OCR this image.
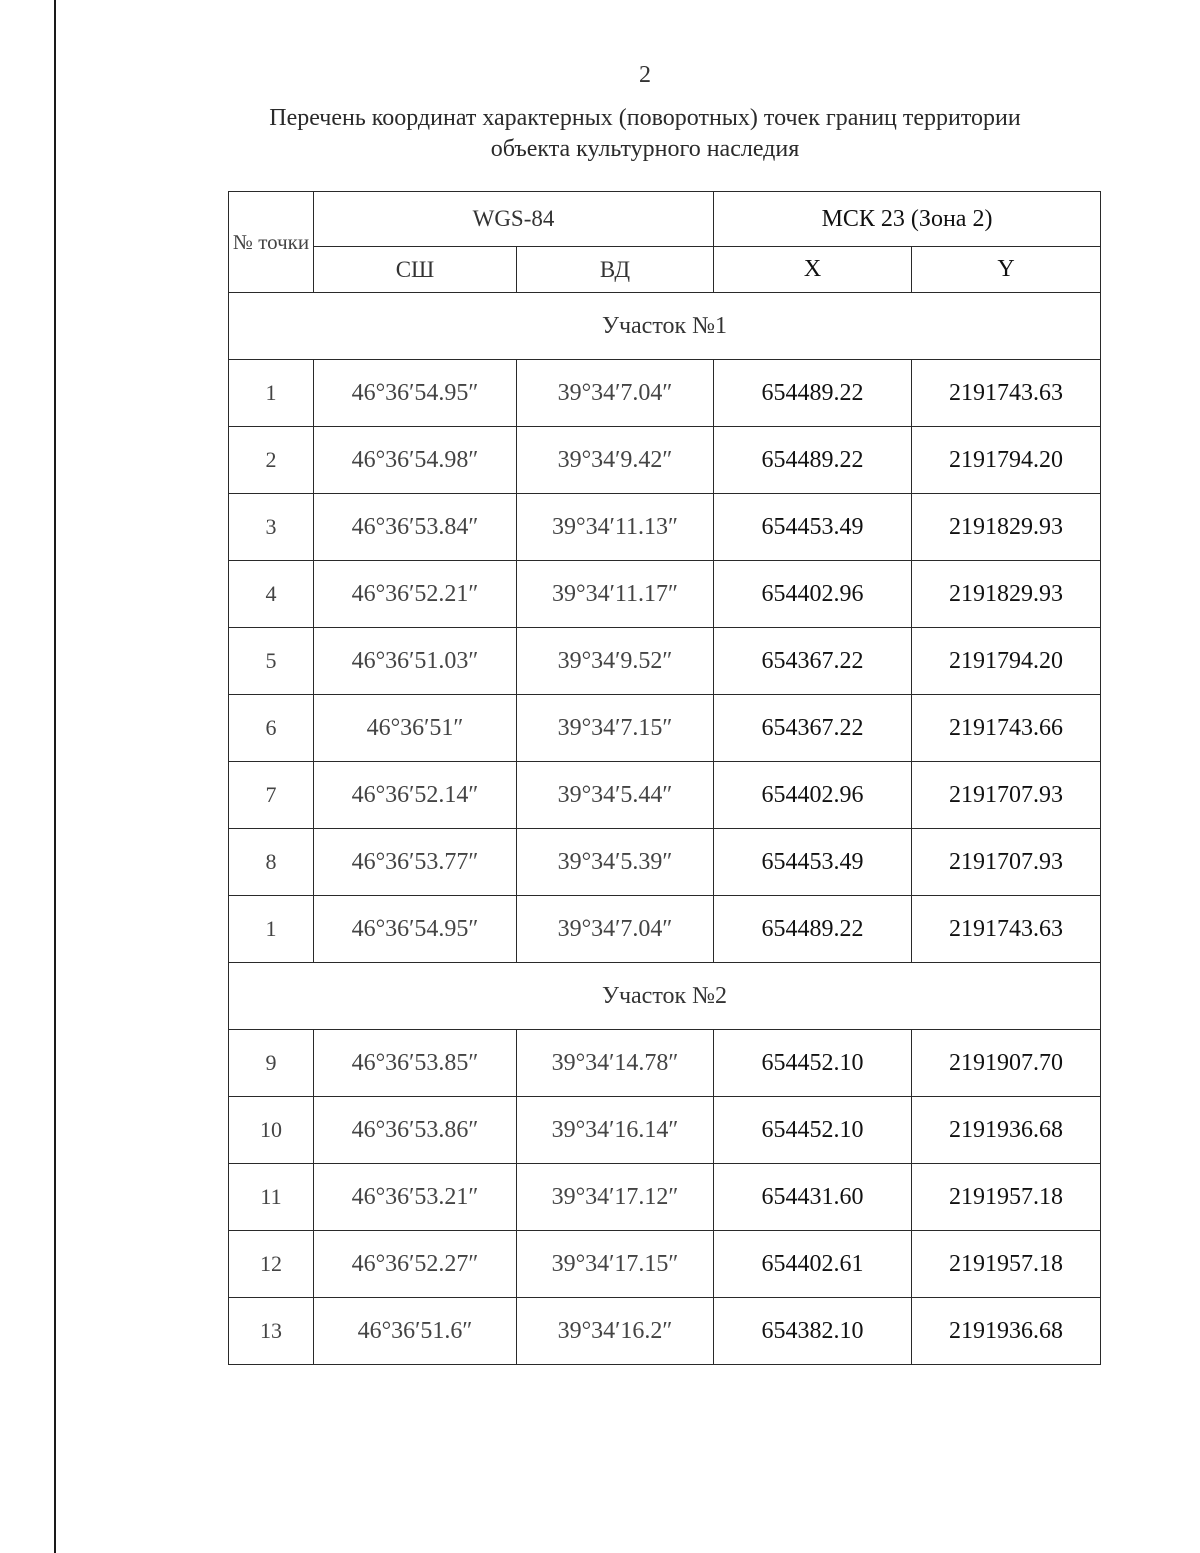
2
Перечень координат характерных (поворотных) точек границ территории
объекта культурного наследия
№ точки	WGS-84		МСК 23 (Зона 2)	
	СШ	ВД	X	Y
Участок №1				
1	46°36′54.95″	39°34′7.04″	654489.22	2191743.63
2	46°36′54.98″	39°34′9.42″	654489.22	2191794.20
3	46°36′53.84″	39°34′11.13″	654453.49	2191829.93
4	46°36′52.21″	39°34′11.17″	654402.96	2191829.93
5	46°36′51.03″	39°34′9.52″	654367.22	2191794.20
6	46°36′51″	39°34′7.15″	654367.22	2191743.66
7	46°36′52.14″	39°34′5.44″	654402.96	2191707.93
8	46°36′53.77″	39°34′5.39″	654453.49	2191707.93
1	46°36′54.95″	39°34′7.04″	654489.22	2191743.63
Участок №2				
9	46°36′53.85″	39°34′14.78″	654452.10	2191907.70
10	46°36′53.86″	39°34′16.14″	654452.10	2191936.68
11	46°36′53.21″	39°34′17.12″	654431.60	2191957.18
12	46°36′52.27″	39°34′17.15″	654402.61	2191957.18
13	46°36′51.6″	39°34′16.2″	654382.10	2191936.68
